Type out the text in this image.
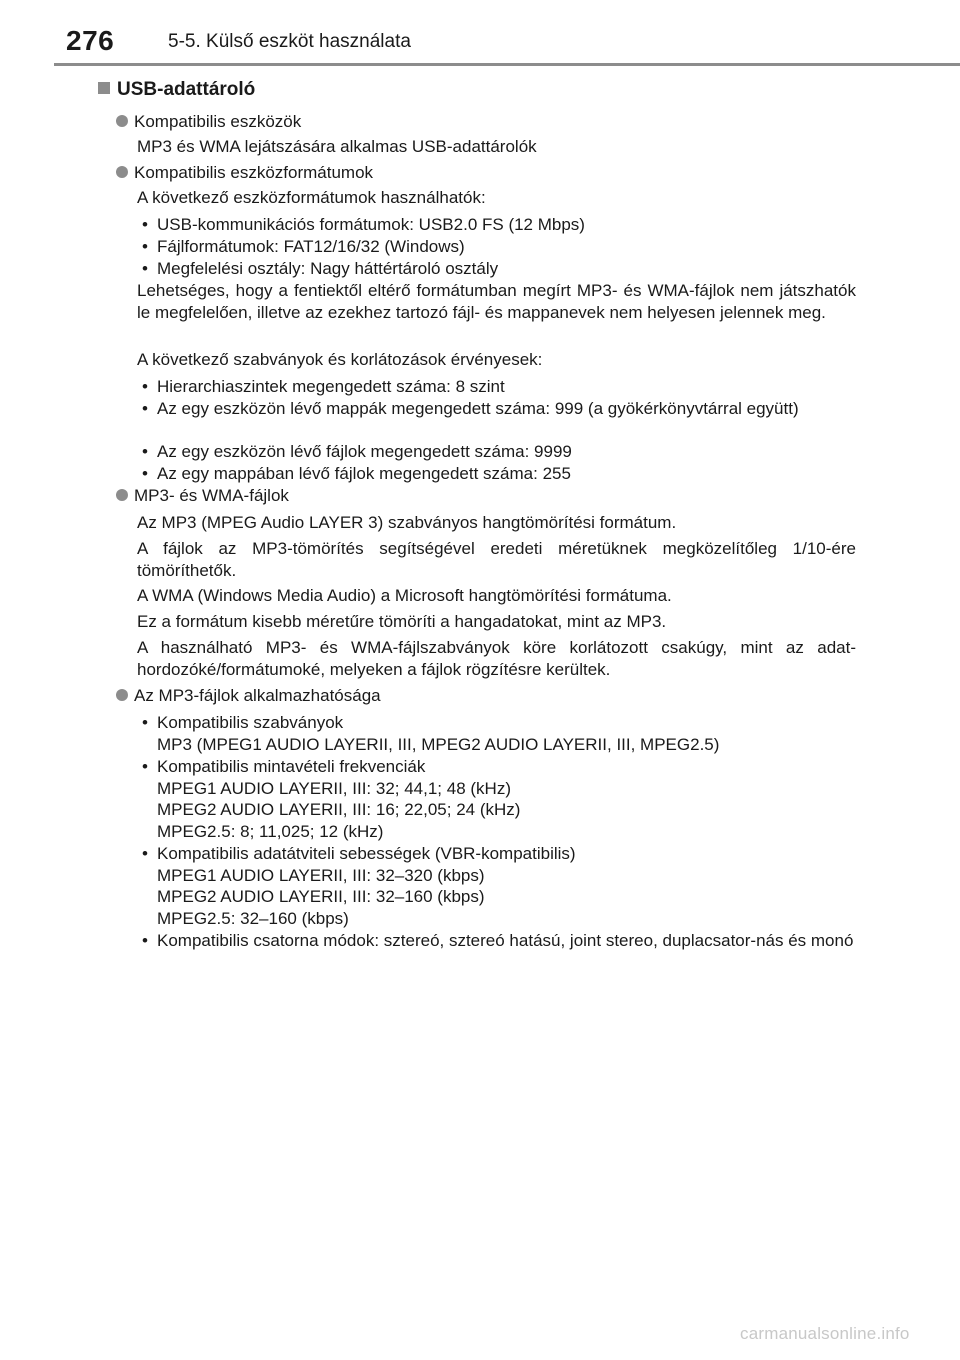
276	5-5. Külső eszköt használata
USB-adattároló
Kompatibilis eszközök
MP3 és WMA lejátszására alkalmas USB-adattárolók
Kompatibilis eszközformátumok
A következő eszközformátumok használhatók:
• USB-kommunikációs formátumok: USB2.0 FS (12 Mbps)
• Fájlformátumok: FAT12/16/32 (Windows)
• Megfelelési osztály: Nagy háttértároló osztály
Lehetséges, hogy a fentiektől eltérő formátumban megírt MP3- és WMA-fájlok nem játszhatók le megfelelően, illetve az ezekhez tartozó fájl- és mappanevek nem helyesen jelennek meg.
A következő szabványok és korlátozások érvényesek:
• Hierarchiaszintek megengedett száma: 8 szint
• Az egy eszközön lévő mappák megengedett száma: 999 (a gyökérkönyvtárral együtt)
• Az egy eszközön lévő fájlok megengedett száma: 9999
• Az egy mappában lévő fájlok megengedett száma: 255
MP3- és WMA-fájlok
Az MP3 (MPEG Audio LAYER 3) szabványos hangtömörítési formátum.
A fájlok az MP3-tömörítés segítségével eredeti méretüknek megközelítőleg 1/10-ére tömöríthetők.
A WMA (Windows Media Audio) a Microsoft hangtömörítési formátuma.
Ez a formátum kisebb méretűre tömöríti a hangadatokat, mint az MP3.
A használható MP3- és WMA-fájlszabványok köre korlátozott csakúgy, mint az adat-hordozóké/formátumoké, melyeken a fájlok rögzítésre kerültek.
Az MP3-fájlok alkalmazhatósága
• Kompatibilis szabványok
MP3 (MPEG1 AUDIO LAYERII, III, MPEG2 AUDIO LAYERII, III, MPEG2.5)
• Kompatibilis mintavételi frekvenciák
MPEG1 AUDIO LAYERII, III: 32; 44,1; 48 (kHz)
MPEG2 AUDIO LAYERII, III: 16; 22,05; 24 (kHz)
MPEG2.5: 8; 11,025; 12 (kHz)
• Kompatibilis adatátviteli sebességek (VBR-kompatibilis)
MPEG1 AUDIO LAYERII, III: 32–320 (kbps)
MPEG2 AUDIO LAYERII, III: 32–160 (kbps)
MPEG2.5: 32–160 (kbps)
• Kompatibilis csatorna módok: sztereó, sztereó hatású, joint stereo, duplacsator-nás és monó
carmanualsonline.info
